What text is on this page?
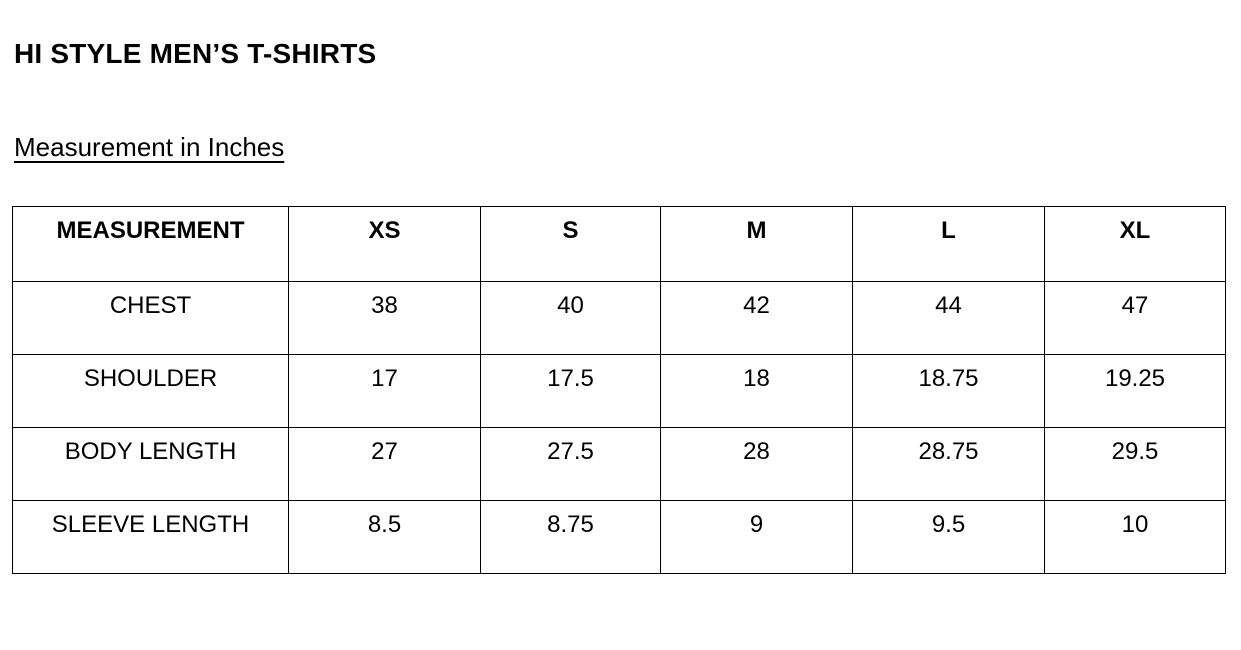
HI STYLE MEN’S T-SHIRTS
Measurement in Inches
MEASUREMENT	XS	S	M	L	XL
CHEST	38	40	42	44	47
SHOULDER	17	17.5	18	18.75	19.25
BODY LENGTH	27	27.5	28	28.75	29.5
SLEEVE LENGTH	8.5	8.75	9	9.5	10
